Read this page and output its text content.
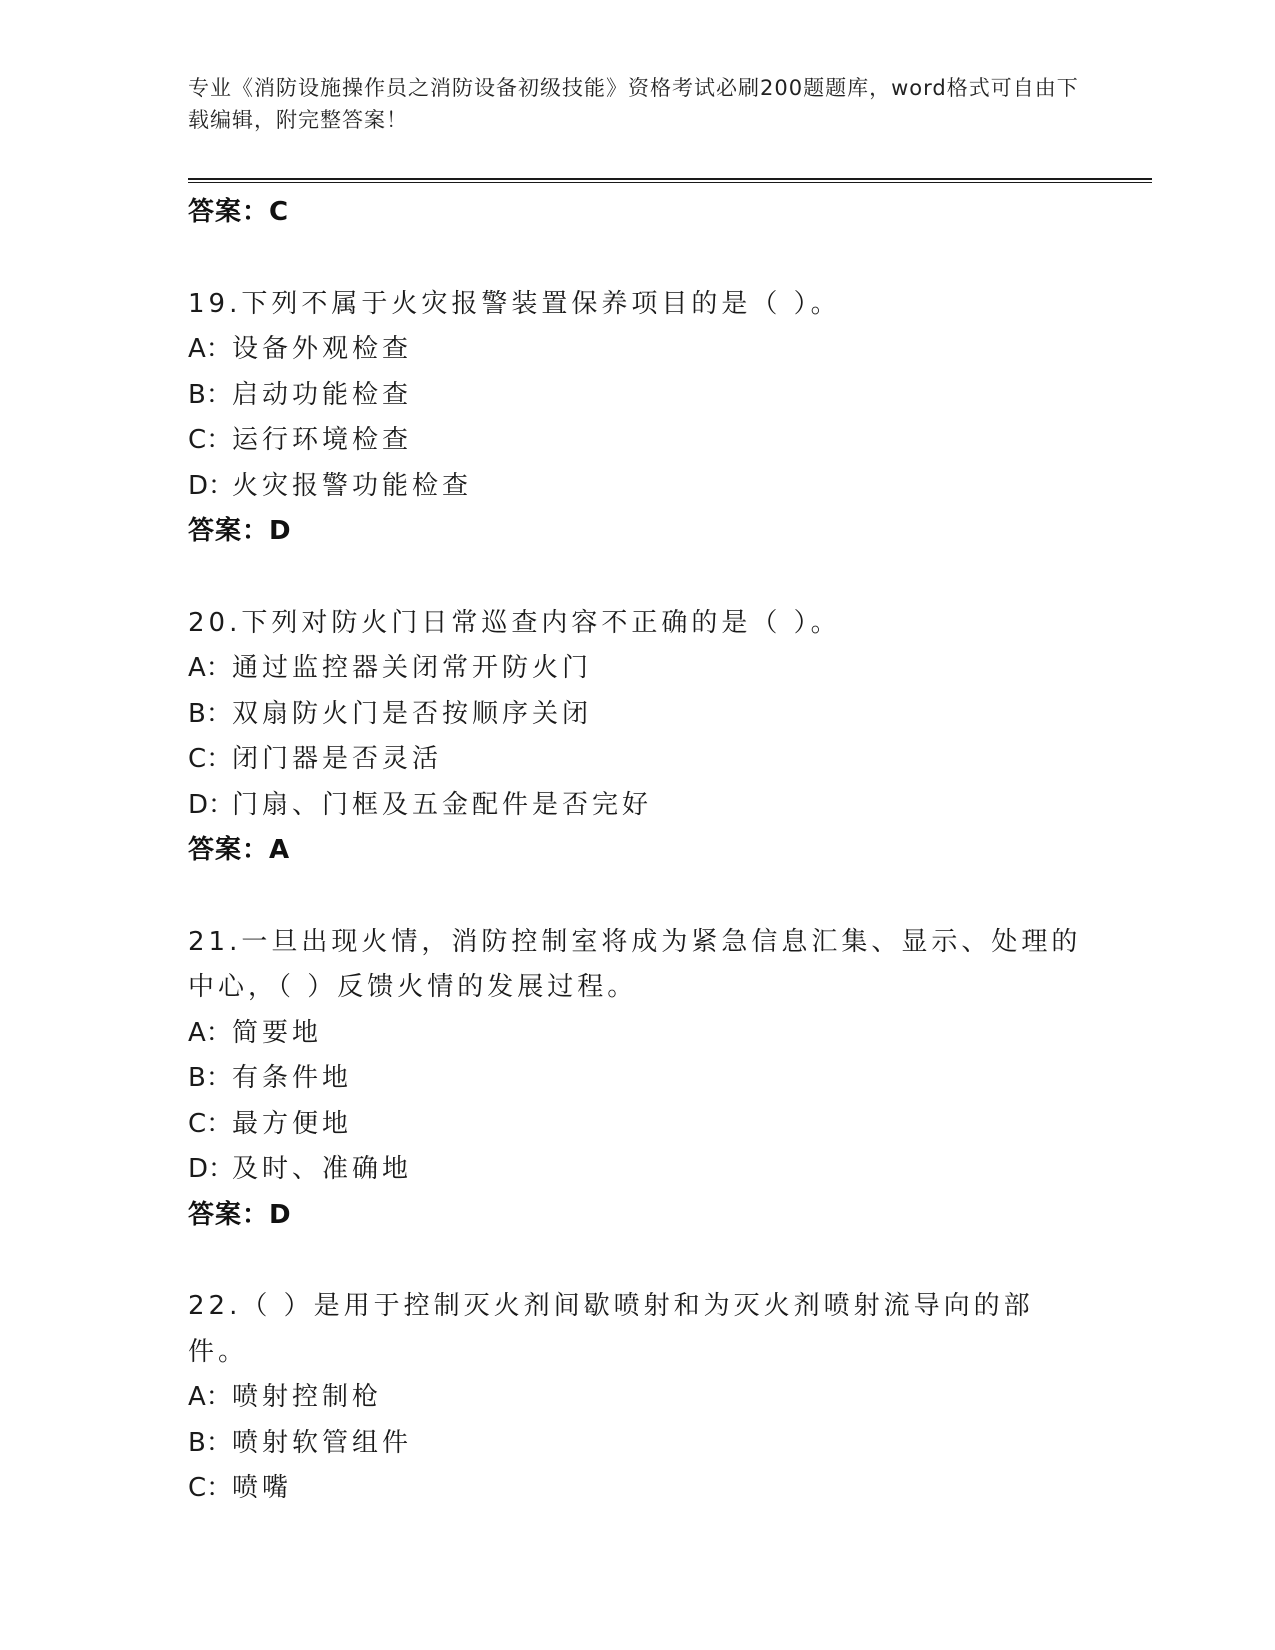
专业《消防设施操作员之消防设备初级技能》资格考试必刷200题题库，word格式可自由下载编辑，附完整答案！
答案：C
19.下列不属于火灾报警装置保养项目的是（ ）。
A：设备外观检查
B：启动功能检查
C：运行环境检查
D：火灾报警功能检查
答案：D
20.下列对防火门日常巡查内容不正确的是（ ）。
A：通过监控器关闭常开防火门
B：双扇防火门是否按顺序关闭
C：闭门器是否灵活
D：门扇、门框及五金配件是否完好
答案：A
21.一旦出现火情，消防控制室将成为紧急信息汇集、显示、处理的中心，（ ）反馈火情的发展过程。
A：简要地
B：有条件地
C：最方便地
D：及时、准确地
答案：D
22.（ ）是用于控制灭火剂间歇喷射和为灭火剂喷射流导向的部件。
A：喷射控制枪
B：喷射软管组件
C：喷嘴
